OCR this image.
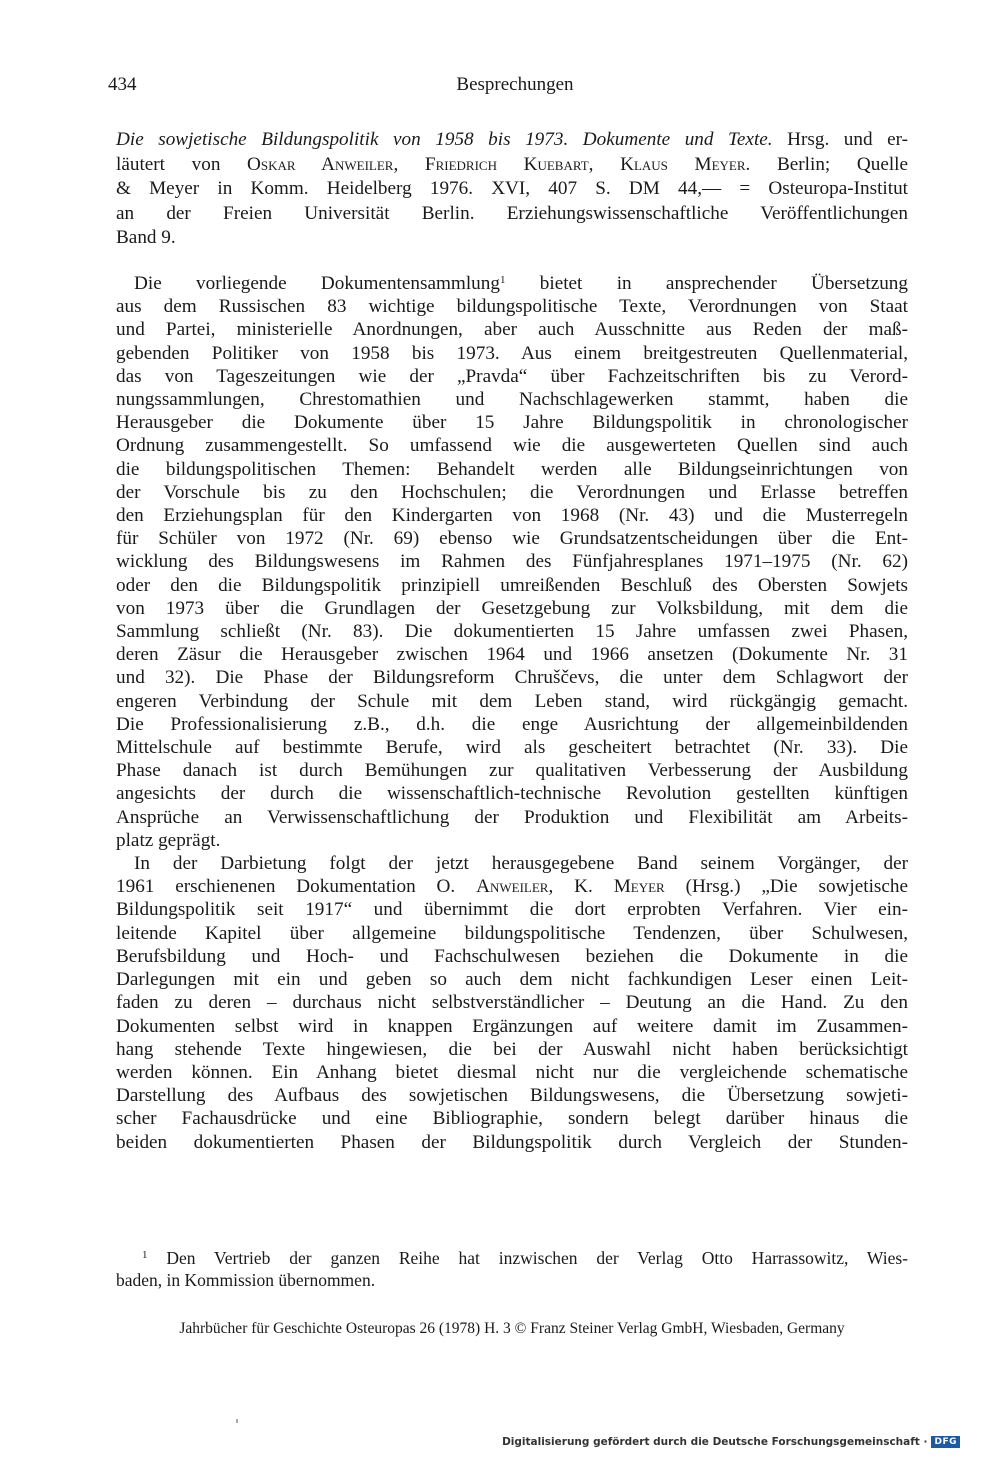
434	Besprechungen
Die sowjetische Bildungspolitik von 1958 bis 1973. Dokumente und Texte. Hrsg. und er-
läutert von Oskar Anweiler, Friedrich Kuebart, Klaus Meyer. Berlin; Quelle
& Meyer in Komm. Heidelberg 1976. XVI, 407 S. DM 44,— = Osteuropa-Institut
an der Freien Universität Berlin. Erziehungswissenschaftliche Veröffentlichungen
Band 9.
Die vorliegende Dokumentensammlung$^1$ bietet in ansprechender Übersetzung
aus dem Russischen 83 wichtige bildungspolitische Texte, Verordnungen von Staat
und Partei, ministerielle Anordnungen, aber auch Ausschnitte aus Reden der maß-
gebenden Politiker von 1958 bis 1973. Aus einem breitgestreuten Quellenmaterial,
das von Tageszeitungen wie der „Pravda“ über Fachzeitschriften bis zu Verord-
nungssammlungen, Chrestomathien und Nachschlagewerken stammt, haben die
Herausgeber die Dokumente über 15 Jahre Bildungspolitik in chronologischer
Ordnung zusammengestellt. So umfassend wie die ausgewerteten Quellen sind auch
die bildungspolitischen Themen: Behandelt werden alle Bildungseinrichtungen von
der Vorschule bis zu den Hochschulen; die Verordnungen und Erlasse betreffen
den Erziehungsplan für den Kindergarten von 1968 (Nr. 43) und die Musterregeln
für Schüler von 1972 (Nr. 69) ebenso wie Grundsatzentscheidungen über die Ent-
wicklung des Bildungswesens im Rahmen des Fünfjahresplanes 1971–1975 (Nr. 62)
oder den die Bildungspolitik prinzipiell umreißenden Beschluß des Obersten Sowjets
von 1973 über die Grundlagen der Gesetzgebung zur Volksbildung, mit dem die
Sammlung schließt (Nr. 83). Die dokumentierten 15 Jahre umfassen zwei Phasen,
deren Zäsur die Herausgeber zwischen 1964 und 1966 ansetzen (Dokumente Nr. 31
und 32). Die Phase der Bildungsreform Chruščevs, die unter dem Schlagwort der
engeren Verbindung der Schule mit dem Leben stand, wird rückgängig gemacht.
Die Professionalisierung z.B., d.h. die enge Ausrichtung der allgemeinbildenden
Mittelschule auf bestimmte Berufe, wird als gescheitert betrachtet (Nr. 33). Die
Phase danach ist durch Bemühungen zur qualitativen Verbesserung der Ausbildung
angesichts der durch die wissenschaftlich-technische Revolution gestellten künftigen
Ansprüche an Verwissenschaftlichung der Produktion und Flexibilität am Arbeits-
platz geprägt.
In der Darbietung folgt der jetzt herausgegebene Band seinem Vorgänger, der
1961 erschienenen Dokumentation O. Anweiler, K. Meyer (Hrsg.) „Die sowjetische
Bildungspolitik seit 1917“ und übernimmt die dort erprobten Verfahren. Vier ein-
leitende Kapitel über allgemeine bildungspolitische Tendenzen, über Schulwesen,
Berufsbildung und Hoch- und Fachschulwesen beziehen die Dokumente in die
Darlegungen mit ein und geben so auch dem nicht fachkundigen Leser einen Leit-
faden zu deren – durchaus nicht selbstverständlicher – Deutung an die Hand. Zu den
Dokumenten selbst wird in knappen Ergänzungen auf weitere damit im Zusammen-
hang stehende Texte hingewiesen, die bei der Auswahl nicht haben berücksichtigt
werden können. Ein Anhang bietet diesmal nicht nur die vergleichende schematische
Darstellung des Aufbaus des sowjetischen Bildungswesens, die Übersetzung sowjeti-
scher Fachausdrücke und eine Bibliographie, sondern belegt darüber hinaus die
beiden dokumentierten Phasen der Bildungspolitik durch Vergleich der Stunden-
$^1$ Den Vertrieb der ganzen Reihe hat inzwischen der Verlag Otto Harrassowitz, Wies-
baden, in Kommission übernommen.
Jahrbücher für Geschichte Osteuropas 26 (1978) H. 3 © Franz Steiner Verlag GmbH, Wiesbaden, Germany
Digitalisierung gefördert durch die Deutsche Forschungsgemeinschaft · DFG
